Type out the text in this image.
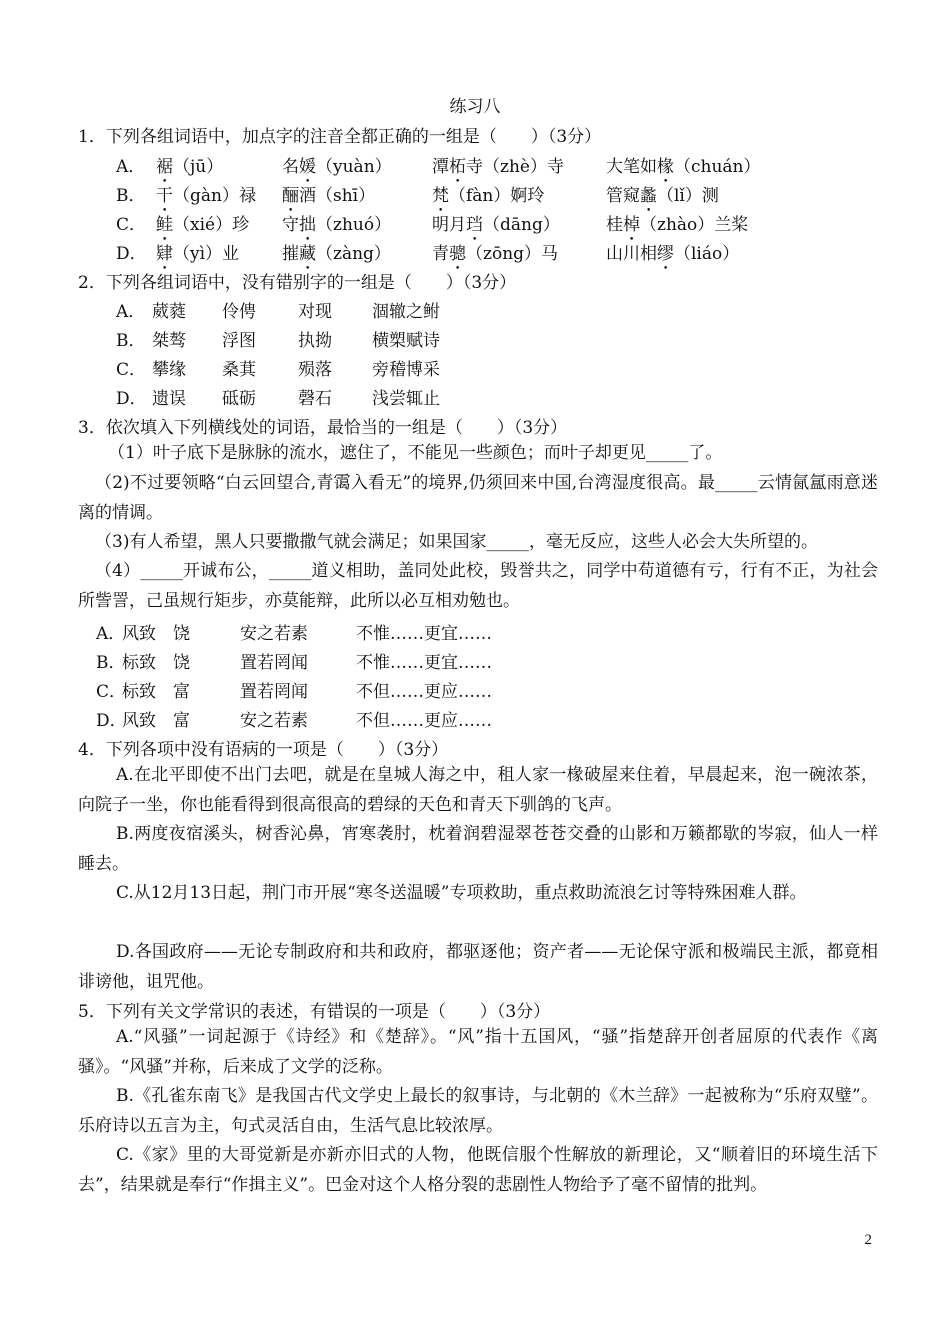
练习八
1．下列各组词语中，加点字的注音全都正确的一组是（　　）（3分）
A． 裾（jū）	名媛（yuàn） 潭柘寺（zhè）寺 大笔如椽（chuán）
B． 干（gàn）禄 酾酒（shī）	梵（fàn）婀玲	管窥蠡（lǐ）测
C． 鲑（xié）珍 守拙（zhuó） 明月珰（dāng）	桂棹（zhào）兰桨
D． 肄（yì）业	摧藏（zàng） 青骢（zōng）马	山川相缪（liáo）
2．下列各组词语中，没有错别字的一组是（　　）（3分）
A． 葳蕤 伶俜 对现 涸辙之鲋
B． 桀骜 浮图 执拗 横槊赋诗
C． 攀缘 桑萁 殒落 旁稽博采
D． 遗误 砥砺 磬石 浅尝辄止
3．依次填入下列横线处的词语，最恰当的一组是（　　）（3分）
（1）叶子底下是脉脉的流水，遮住了，不能见一些颜色；而叶子却更见_____了。
（2)不过要领略“白云回望合,青霭入看无”的境界,仍须回来中国,台湾湿度很高。最_____云情氤氲雨意迷离的情调。
（3)有人希望，黑人只要撒撒气就会满足；如果国家_____，毫无反应，这些人必会大失所望的。
（4）_____开诚布公，_____道义相助，盖同处此校，毁誉共之，同学中苟道德有亏，行有不正，为社会所訾詈，己虽规行矩步，亦莫能辩，此所以必互相劝勉也。
A．
风致　饶	安之若素	不惟……更宜……
B．
标致　饶	置若罔闻	不惟……更宜……
C．
标致　富	置若罔闻	不但……更应……
D．
风致　富	安之若素	不但……更应……
4．下列各项中没有语病的一项是（　　）（3分）
A.在北平即使不出门去吧，就是在皇城人海之中，租人家一椽破屋来住着，早晨起来，泡一碗浓茶，向院子一坐，你也能看得到很高很高的碧绿的天色和青天下驯鸽的飞声。
B.两度夜宿溪头，树香沁鼻，宵寒袭肘，枕着润碧湿翠苍苍交叠的山影和万籁都歇的岑寂，仙人一样睡去。
C.从12月13日起，荆门市开展“寒冬送温暖”专项救助，重点救助流浪乞讨等特殊困难人群。
D.各国政府——无论专制政府和共和政府，都驱逐他；资产者——无论保守派和极端民主派，都竟相诽谤他，诅咒他。
5．下列有关文学常识的表述，有错误的一项是（　　）（3分）
A.“风骚”一词起源于《诗经》和《楚辞》。“风”指十五国风，“骚”指楚辞开创者屈原的代表作《离骚》。“风骚”并称，后来成了文学的泛称。
B.《孔雀东南飞》是我国古代文学史上最长的叙事诗，与北朝的《木兰辞》一起被称为“乐府双璧”。乐府诗以五言为主，句式灵活自由，生活气息比较浓厚。
C.《家》里的大哥觉新是亦新亦旧式的人物，他既信服个性解放的新理论，又“顺着旧的环境生活下去”，结果就是奉行“作揖主义”。巴金对这个人格分裂的悲剧性人物给予了毫不留情的批判。
2
